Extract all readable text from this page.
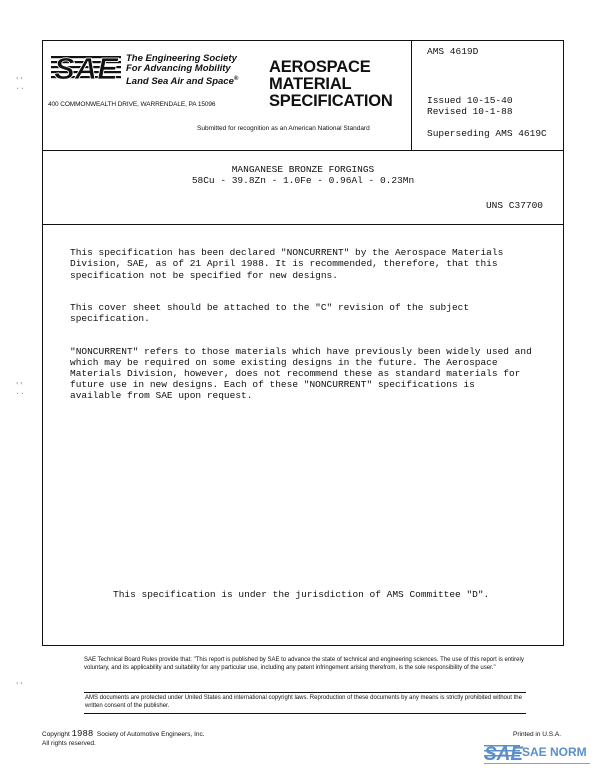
SAE The Engineering Society
For Advancing Mobility
Land Sea Air and Space®
400 COMMONWEALTH DRIVE, WARRENDALE, PA 15096
AEROSPACE
MATERIAL
SPECIFICATION
Submitted for recognition as an American National Standard
AMS 4619D
Issued 10-15-40
Revised 10-1-88
Superseding AMS 4619C
MANGANESE BRONZE FORGINGS
58Cu - 39.8Zn - 1.0Fe - 0.96Al - 0.23Mn
UNS C37700

This specification has been declared "NONCURRENT" by the Aerospace Materials
Division, SAE, as of 21 April 1988. It is recommended, therefore, that this
specification not be specified for new designs.

This cover sheet should be attached to the "C" revision of the subject
specification.

"NONCURRENT" refers to those materials which have previously been widely used and
which may be required on some existing designs in the future. The Aerospace
Materials Division, however, does not recommend these as standard materials for
future use in new designs. Each of these "NONCURRENT" specifications is
available from SAE upon request.

This specification is under the jurisdiction of AMS Committee "D".
SAE Technical Board Rules provide that: "This report is published by SAE to advance the state of technical and engineering sciences. The use of this report is entirely voluntary, and its applicability and suitability for any particular use, including any patent infringement arising therefrom, is the sole responsibility of the user."
AMS documents are protected under United States and international copyright laws. Reproduction of these documents by any means is strictly prohibited without the written consent of the publisher.
Copyright 1988 Society of Automotive Engineers, Inc.
All rights reserved.
Printed in U.S.A.
SAE
SAE NORM
‹ ‹
ˇ ˇ
‹ ‹
ˇ ˇ
‹ ‹
